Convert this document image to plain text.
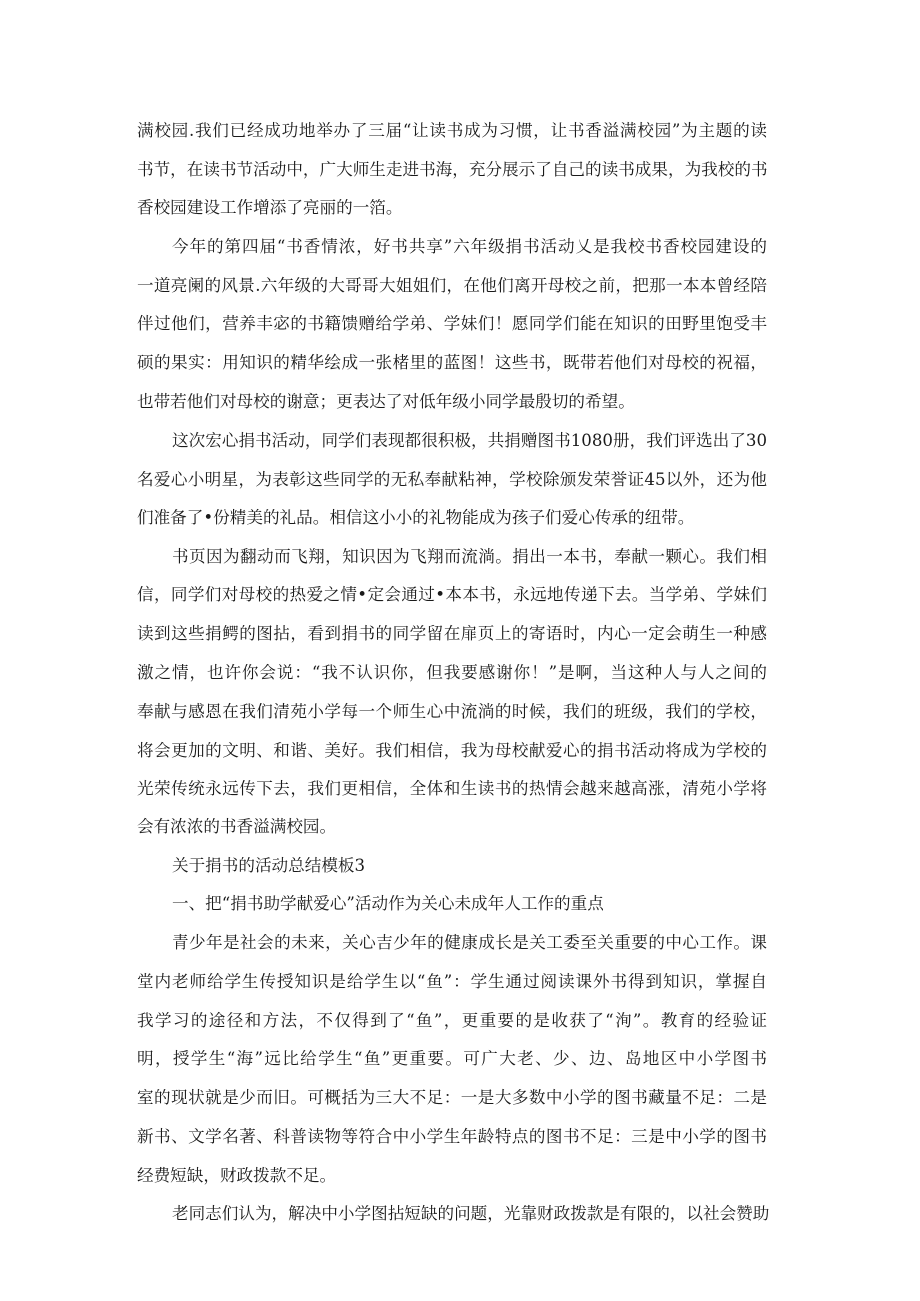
满校园.我们已经成功地举办了三届“让读书成为习惯，让书香溢满校园”为主题的读
书节，在读书节活动中，广大师生走进书海，充分展示了自己的读书成果，为我校的书
香校园建设工作增添了亮丽的一箔。
今年的第四届“书香情浓，好书共享”六年级捐书活动乂是我校书香校园建设的
一道亮阑的风景.六年级的大哥哥大姐姐们，在他们离开母校之前，把那一本本曾经陪
伴过他们，营养丰宓的书籍馈赠给学弟、学妹们！愿同学们能在知识的田野里饱受丰
硕的果实：用知识的精华绘成一张楮里的蓝图！这些书，既带若他们对母校的祝福，
也带若他们对母校的谢意；更表达了对低年级小同学最殷切的希望。
这次宏心捐书活动，同学们表现都很积极，共捐赠图书1080册，我们评选出了30
名爱心小明星，为表彰这些同学的无私奉献粘神，学校除颁发荣誉证45以外，还为他
们准备了•份精美的礼品。相信这小小的礼物能成为孩子们爱心传承的纽带。
书页因为翻动而飞翔，知识因为飞翔而流淌。捐出一本书，奉献一颗心。我们相
信，同学们对母校的热爱之情•定会通过•本本书，永远地传递下去。当学弟、学妹们
读到这些捐鳄的图拈，看到捐书的同学留在扉页上的寄语时，内心一定会萌生一种感
激之情，也许你会说：“我不认识你，但我要感谢你！”是啊，当这种人与人之间的
奉献与感恩在我们清苑小学每一个师生心中流淌的时候，我们的班级，我们的学校，
将会更加的文明、和谐、美好。我们相信，我为母校献爱心的捐书活动将成为学校的
光荣传统永远传下去，我们更相信，全体和生读书的热情会越来越高涨，清苑小学将
会有浓浓的书香溢满校园。
关于捐书的活动总结模板3
一、把“捐书助学献爱心”活动作为关心未成年人工作的重点
青少年是社会的未来，关心吉少年的健康成长是关工委至关重要的中心工作。课
堂内老师给学生传授知识是给学生以“鱼”：学生通过阅读课外书得到知识，掌握自
我学习的途径和方法，不仅得到了“鱼”，更重要的是收获了“洵”。教育的经验证
明，授学生“海”远比给学生“鱼”更重要。可广大老、少、边、岛地区中小学图书
室的现状就是少而旧。可概括为三大不足：一是大多数中小学的图书藏量不足：二是
新书、文学名著、科普读物等符合中小学生年龄特点的图书不足：三是中小学的图书
经费短缺，财政拨款不足。
老同志们认为，解决中小学图拈短缺的问题，光靠财政拨款是有限的，以社会赞助
